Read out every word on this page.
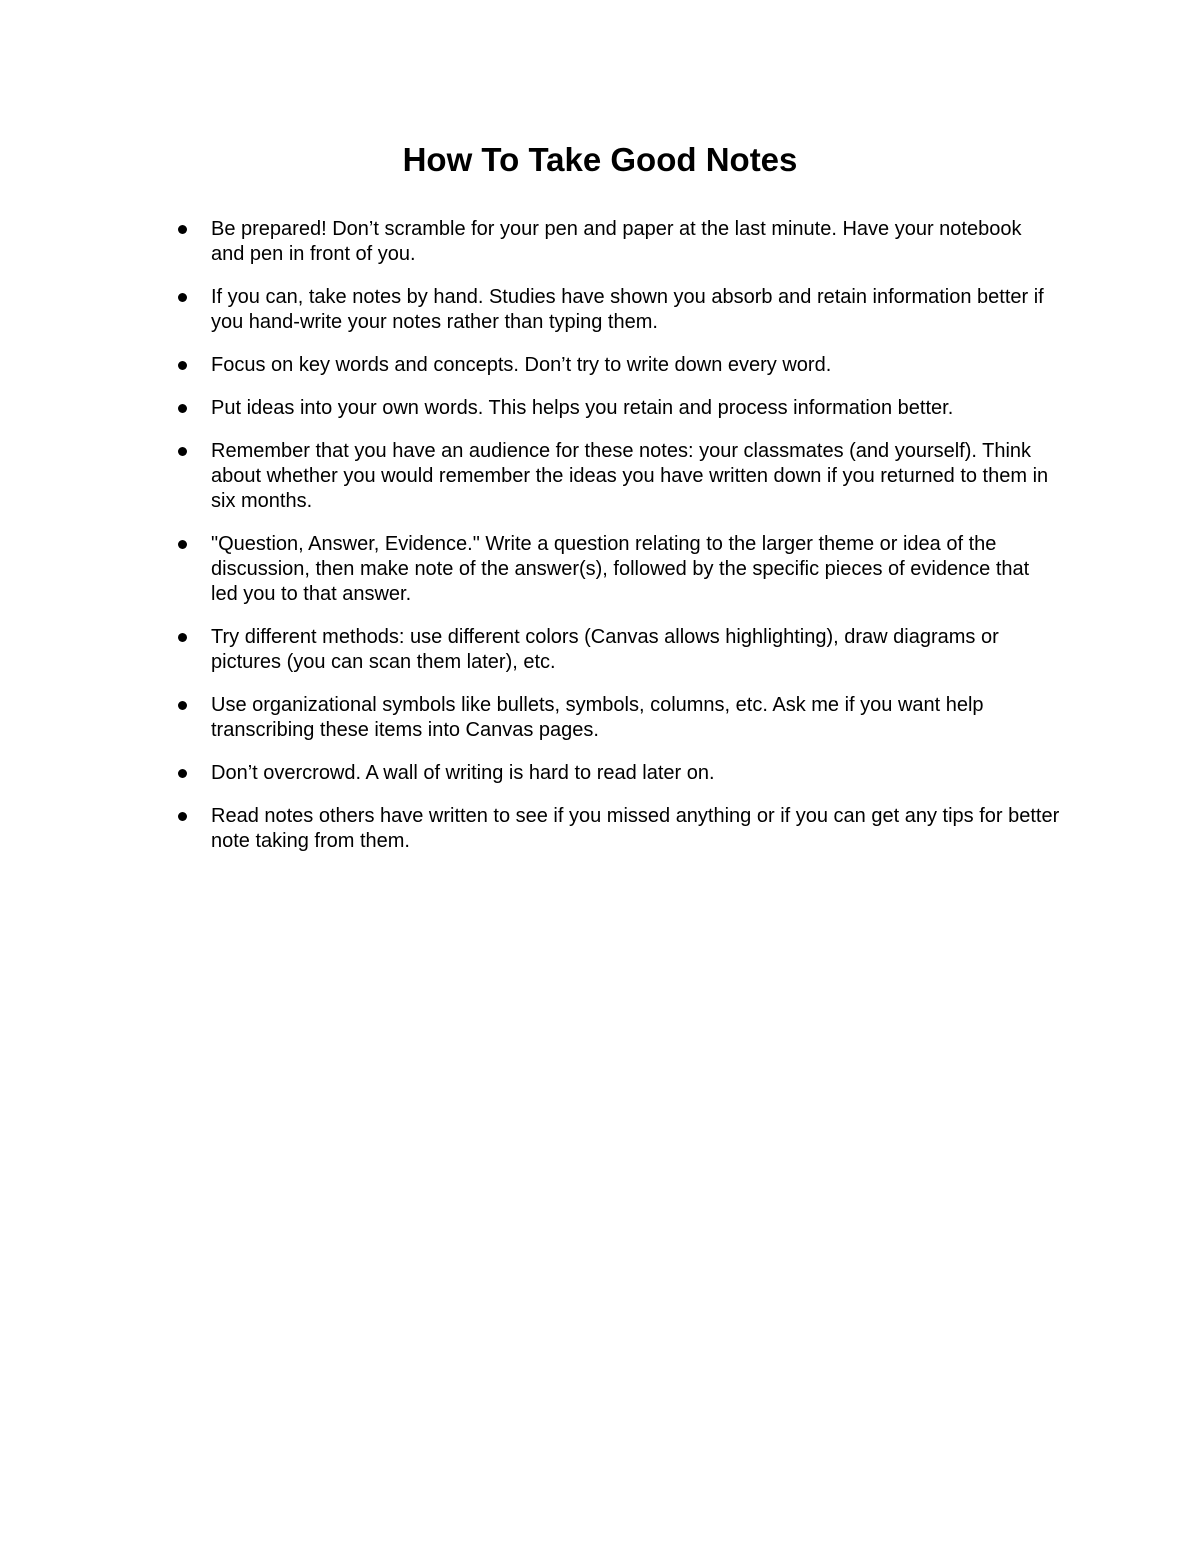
How To Take Good Notes
Be prepared! Don’t scramble for your pen and paper at the last minute. Have your notebook and pen in front of you.
If you can, take notes by hand. Studies have shown you absorb and retain information better if you hand-write your notes rather than typing them.
Focus on key words and concepts. Don’t try to write down every word.
Put ideas into your own words. This helps you retain and process information better.
Remember that you have an audience for these notes: your classmates (and yourself). Think about whether you would remember the ideas you have written down if you returned to them in six months.
"Question, Answer, Evidence." Write a question relating to the larger theme or idea of the discussion, then make note of the answer(s), followed by the specific pieces of evidence that led you to that answer.
Try different methods: use different colors (Canvas allows highlighting), draw diagrams or pictures (you can scan them later), etc.
Use organizational symbols like bullets, symbols, columns, etc. Ask me if you want help transcribing these items into Canvas pages.
Don’t overcrowd. A wall of writing is hard to read later on.
Read notes others have written to see if you missed anything or if you can get any tips for better note taking from them.
